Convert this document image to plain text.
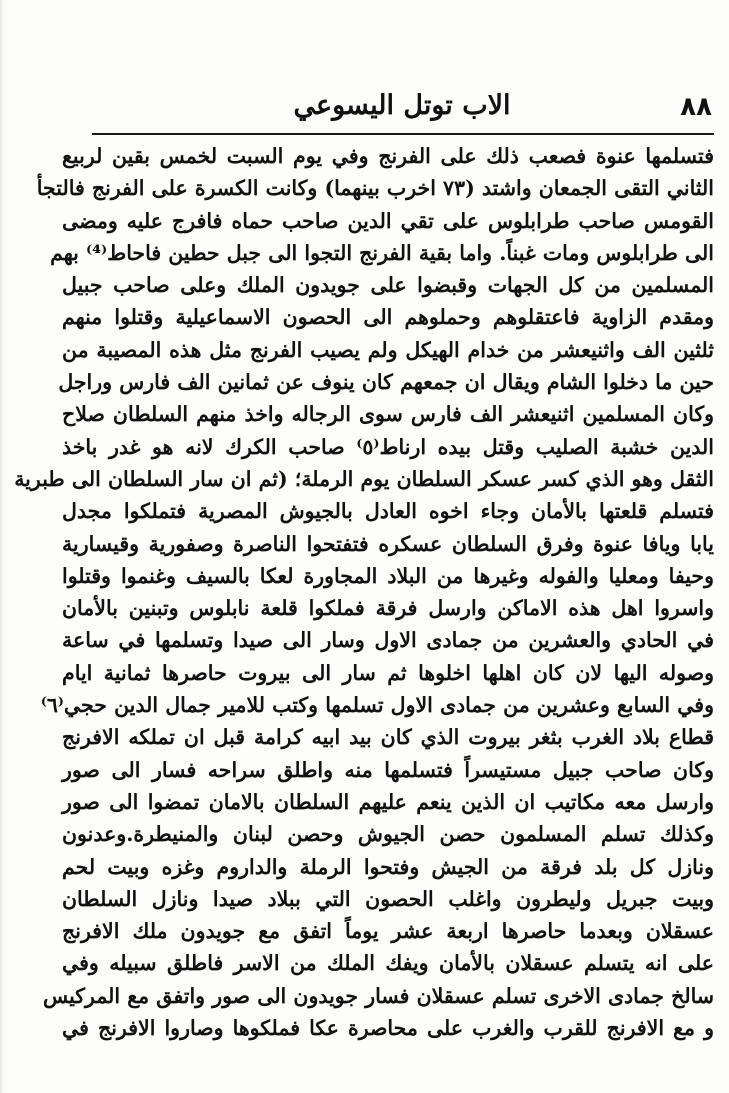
٨٨
الاب توتل اليسوعي
فتسلمها عنوة فصعب ذلك على الفرنج وفي يوم السبت لخمس بقين لربيع
الثاني التقى الجمعان واشتد (٧٣ اخرب بينهما) وكانت الكسرة على الفرنج فالتجأ
القومس صاحب طرابلوس على تقي الدين صاحب حماه فافرج عليه ومضى
الى طرابلوس ومات غبناً. واما بقية الفرنج التجوا الى جبل حطين فاحاط⁽⁴⁾ بهم
المسلمين من كل الجهات وقبضوا على جويدون الملك وعلى صاحب جبيل
ومقدم الزاوية فاعتقلوهم وحملوهم الى الحصون الاسماعيلية وقتلوا منهم
ثلثين الف واثنيعشر من خدام الهيكل ولم يصيب الفرنج مثل هذه المصيبة من
حين ما دخلوا الشام ويقال ان جمعهم كان ينوف عن ثمانين الف فارس وراجل
وكان المسلمين اثنيعشر الف فارس سوى الرجاله واخذ منهم السلطان صلاح
الدين خشبة الصليب وقتل بيده ارناط⁽٥⁾ صاحب الكرك لانه هو غدر باخذ
الثقل وهو الذي كسر عسكر السلطان يوم الرملة؛ (ثم ان سار السلطان الى طبرية
فتسلم قلعتها بالأمان وجاء اخوه العادل بالجيوش المصرية فتملكوا مجدل
يابا ويافا عنوة وفرق السلطان عسكره فتفتحوا الناصرة وصفورية وقيسارية
وحيفا ومعليا والفوله وغيرها من البلاد المجاورة لعكا بالسيف وغنموا وقتلوا
واسروا اهل هذه الاماكن وارسل فرقة فملكوا قلعة نابلوس وتبنين بالأمان
في الحادي والعشرين من جمادى الاول وسار الى صيدا وتسلمها في ساعة
وصوله اليها لان كان اهلها اخلوها ثم سار الى بيروت حاصرها ثمانية ايام
وفي السابع وعشرين من جمادى الاول تسلمها وكتب للامير جمال الدين حجي⁽٦⁾
قطاع بلاد الغرب بثغر بيروت الذي كان بيد ابيه كرامة قبل ان تملكه الافرنج
وكان صاحب جبيل مستيسراً فتسلمها منه واطلق سراحه فسار الى صور
وارسل معه مكاتيب ان الذين ينعم عليهم السلطان بالامان تمضوا الى صور
وكذلك تسلم المسلمون حصن الجيوش وحصن لبنان والمنيطرة.وعدنون
ونازل كل بلد فرقة من الجيش وفتحوا الرملة والداروم وغزه وبيت لحم
وبيت جبريل وليطرون واغلب الحصون التي ببلاد صيدا ونازل السلطان
عسقلان وبعدما حاصرها اربعة عشر يوماً اتفق مع جويدون ملك الافرنج
على انه يتسلم عسقلان بالأمان ويفك الملك من الاسر فاطلق سبيله وفي
سالخ جمادى الاخرى تسلم عسقلان فسار جويدون الى صور واتفق مع المركيس
و مع الافرنج للقرب والغرب على محاصرة عكا فملكوها وصاروا الافرنج في
